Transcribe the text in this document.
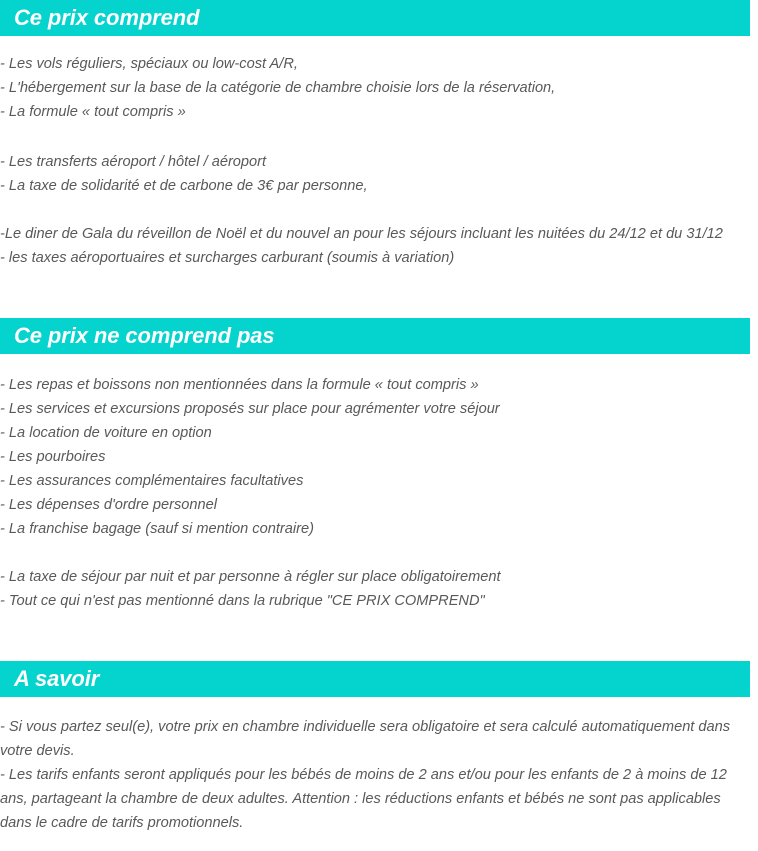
Ce prix comprend
- Les vols réguliers, spéciaux ou low-cost A/R,
- L'hébergement sur la base de la catégorie de chambre choisie lors de la réservation,
- La formule « tout compris »
- Les transferts aéroport / hôtel / aéroport
- La taxe de solidarité et de carbone de 3€ par personne,
-Le diner de Gala du réveillon de Noël et du nouvel an pour les séjours incluant les nuitées du 24/12 et du 31/12
- les taxes aéroportuaires et surcharges carburant (soumis à variation)
Ce prix ne comprend pas
- Les repas et boissons non mentionnées dans la formule « tout compris »
- Les services et excursions proposés sur place pour agrémenter votre séjour
- La location de voiture en option
- Les pourboires
- Les assurances complémentaires facultatives
- Les dépenses d'ordre personnel
- La franchise bagage (sauf si mention contraire)
- La taxe de séjour par nuit et par personne à régler sur place obligatoirement
- Tout ce qui n'est pas mentionné dans la rubrique "CE PRIX COMPREND"
A savoir
- Si vous partez seul(e), votre prix en chambre individuelle sera obligatoire et sera calculé automatiquement dans votre devis.
- Les tarifs enfants seront appliqués pour les bébés de moins de 2 ans et/ou pour les enfants de 2 à moins de 12 ans, partageant la chambre de deux adultes. Attention : les réductions enfants et bébés ne sont pas applicables dans le cadre de tarifs promotionnels.
